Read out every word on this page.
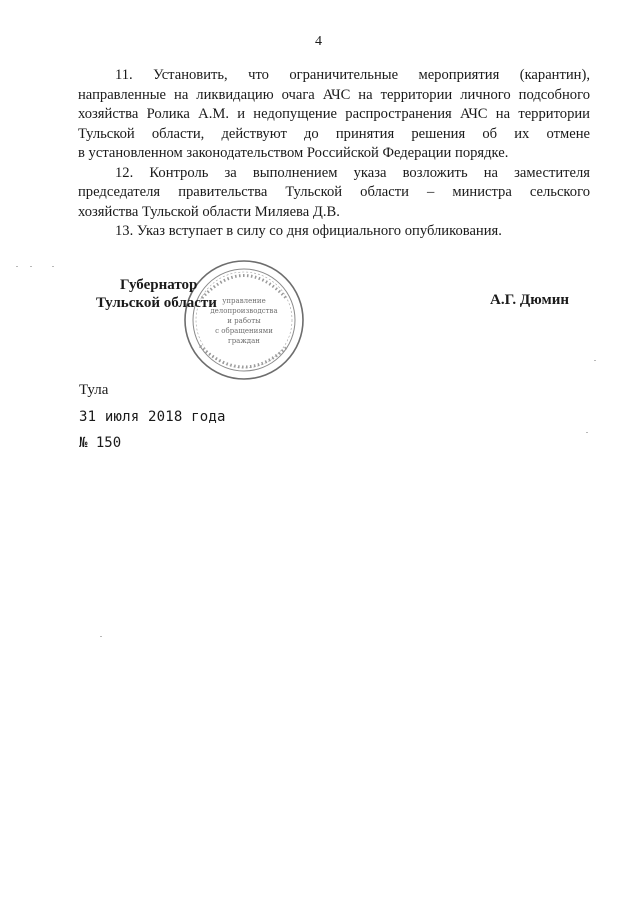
4

11. Установить, что ограничительные мероприятия (карантин),
направленные на ликвидацию очага АЧС на территории личного подсобного
хозяйства Ролика А.М. и недопущение распространения АЧС на территории
Тульской области, действуют до принятия решения об их отмене
в установленном законодательством Российской Федерации порядке.

12. Контроль за выполнением указа возложить на заместителя
председателя правительства Тульской области – министра сельского
хозяйства Тульской области Миляева Д.В.

13. Указ вступает в силу со дня официального опубликования.

управление
делопроизводства
и работы
с обращениями
граждан
Губернатор
Тульской области	А.Г. Дюмин
Тула
31 июля 2018 года
№ 150
